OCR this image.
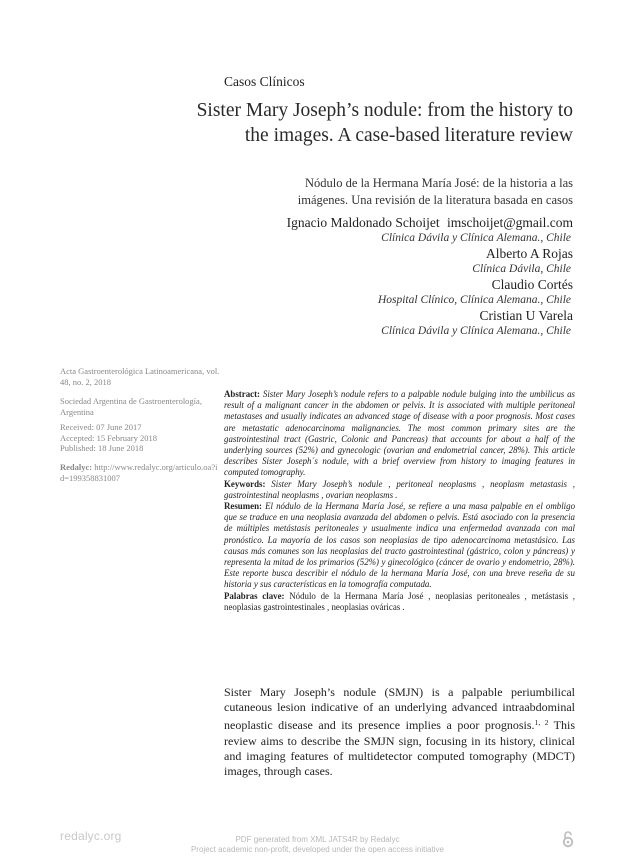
Casos Clínicos
Sister Mary Joseph’s nodule: from the history to the images. A case-based literature review
Nódulo de la Hermana María José: de la historia a las imágenes. Una revisión de la literatura basada en casos
Ignacio Maldonado Schoijet imschoijet@gmail.com
Clínica Dávila y Clínica Alemana., Chile
Alberto A Rojas
Clínica Dávila, Chile
Claudio Cortés
Hospital Clínico, Clínica Alemana., Chile
Cristian U Varela
Clínica Dávila y Clínica Alemana., Chile

Acta Gastroenterológica Latinoamericana, vol. 48, no. 2, 2018

Sociedad Argentina de Gastroenterología, Argentina

Received: 07 June 2017

Accepted: 15 February 2018

Published: 18 June 2018

Redalyc: http://www.redalyc.org/articulo.oa?id=199358831007

Abstract: Sister Mary Joseph’s nodule refers to a palpable nodule bulging into the umbilicus as result of a malignant cancer in the abdomen or pelvis. It is associated with multiple peritoneal metastases and usually indicates an advanced stage of disease with a poor prognosis. Most cases are metastatic adenocarcinoma malignancies. The most common primary sites are the gastrointestinal tract (Gastric, Colonic and Pancreas) that accounts for about a half of the underlying sources (52%) and gynecologic (ovarian and endometrial cancer, 28%). This article describes Sister Joseph´s nodule, with a brief overview from history to imaging features in computed tomography.

Keywords: Sister Mary Joseph’s nodule , peritoneal neoplasms , neoplasm metastasis , gastrointestinal neoplasms , ovarian neoplasms .

Resumen: El nódulo de la Hermana María José, se refiere a una masa palpable en el ombligo que se traduce en una neoplasia avanzada del abdomen o pelvis. Está asociado con la presencia de múltiples metástasis peritoneales y usualmente indica una enfermedad avanzada con mal pronóstico. La mayoría de los casos son neoplasias de tipo adenocarcinoma metastásico. Las causas más comunes son las neoplasias del tracto gastrointestinal (gástrico, colon y páncreas) y representa la mitad de los primarios (52%) y ginecológico (cáncer de ovario y endometrio, 28%). Este reporte busca describir el nódulo de la hermana María José, con una breve reseña de su historia y sus características en la tomografía computada.

Palabras clave: Nódulo de la Hermana María José , neoplasias peritoneales , metástasis , neoplasias gastrointestinales , neoplasias ováricas .

Sister Mary Joseph’s nodule (SMJN) is a palpable periumbilical cutaneous lesion indicative of an underlying advanced intraabdominal neoplastic disease and its presence implies a poor prognosis.$^{1, 2}$ This review aims to describe the SMJN sign, focusing in its history, clinical and imaging features of multidetector computed tomography (MDCT) images, through cases.
redalyc.org	PDF generated from XML JATS4R by Redalyc
Project academic non-profit, developed under the open access initiative
